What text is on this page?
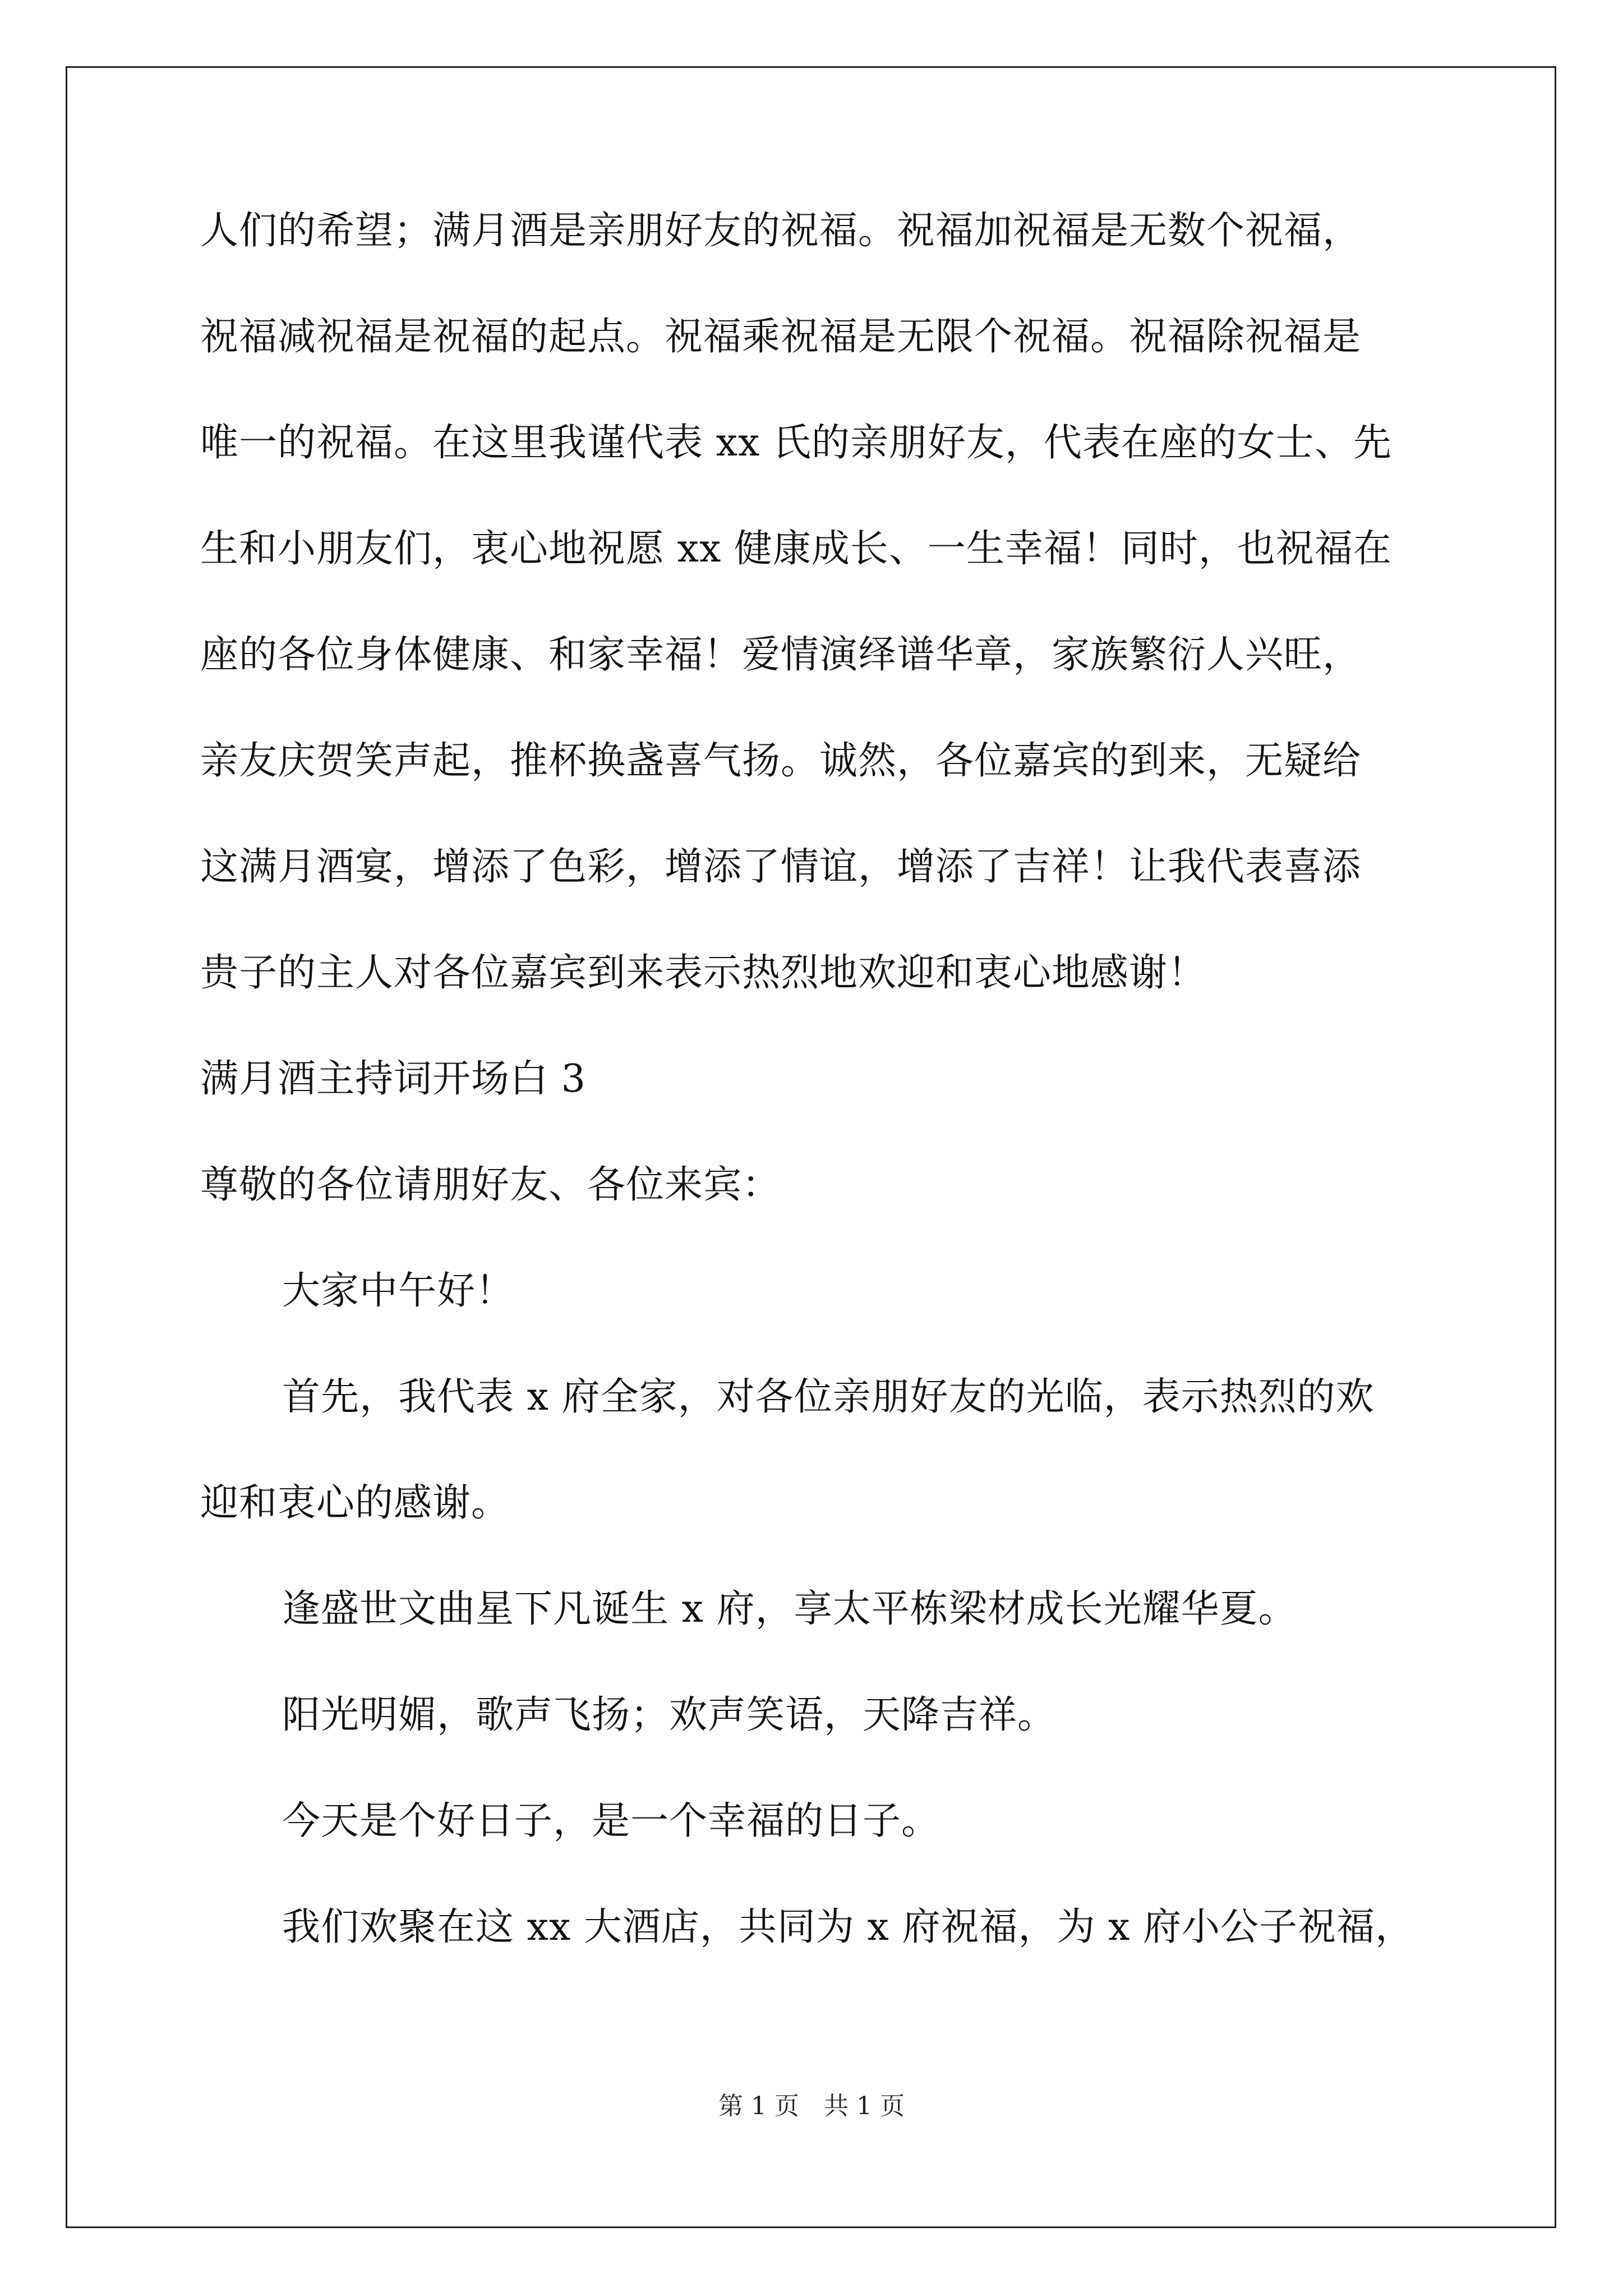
人们的希望；满月酒是亲朋好友的祝福。祝福加祝福是无数个祝福，
祝福减祝福是祝福的起点。祝福乘祝福是无限个祝福。祝福除祝福是
唯一的祝福。在这里我谨代表 xx 氏的亲朋好友，代表在座的女士、先
生和小朋友们，衷心地祝愿 xx 健康成长、一生幸福！同时，也祝福在
座的各位身体健康、和家幸福！爱情演绎谱华章，家族繁衍人兴旺，
亲友庆贺笑声起，推杯换盏喜气扬。诚然，各位嘉宾的到来，无疑给
这满月酒宴，增添了色彩，增添了情谊，增添了吉祥！让我代表喜添
贵子的主人对各位嘉宾到来表示热烈地欢迎和衷心地感谢！
满月酒主持词开场白 3
尊敬的各位请朋好友、各位来宾：
大家中午好！
首先，我代表 x 府全家，对各位亲朋好友的光临，表示热烈的欢
迎和衷心的感谢。
逢盛世文曲星下凡诞生 x 府，享太平栋梁材成长光耀华夏。
阳光明媚，歌声飞扬；欢声笑语，天降吉祥。
今天是个好日子，是一个幸福的日子。
我们欢聚在这 xx 大酒店，共同为 x 府祝福，为 x 府小公子祝福，
第 1 页　共 1 页
